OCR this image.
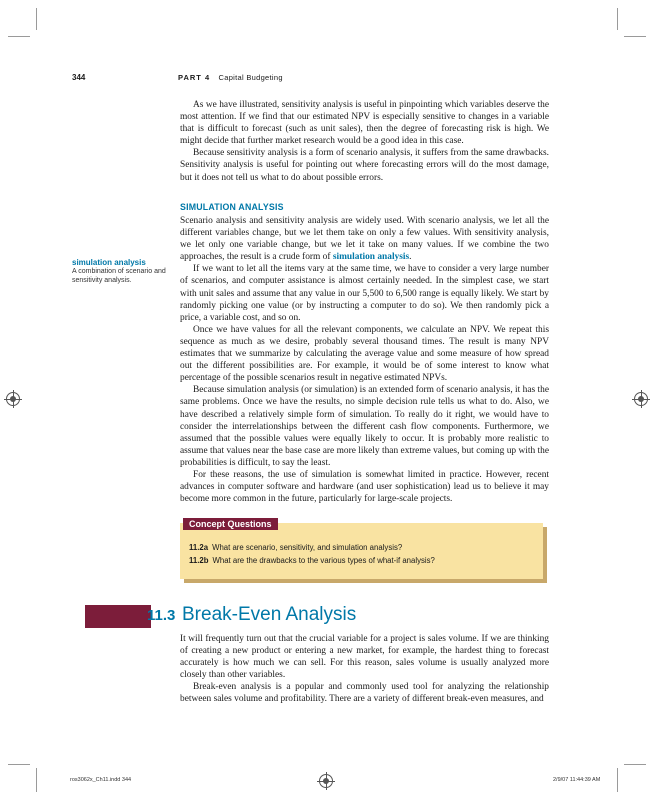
344	PART 4 Capital Budgeting

As we have illustrated, sensitivity analysis is useful in pinpointing which variables deserve the most attention. If we find that our estimated NPV is especially sensitive to changes in a variable that is difficult to forecast (such as unit sales), then the degree of forecasting risk is high. We might decide that further market research would be a good idea in this case.

Because sensitivity analysis is a form of scenario analysis, it suffers from the same drawbacks. Sensitivity analysis is useful for pointing out where forecasting errors will do the most damage, but it does not tell us what to do about possible errors.

SIMULATION ANALYSIS

Scenario analysis and sensitivity analysis are widely used. With scenario analysis, we let all the different variables change, but we let them take on only a few values. With sensitivity analysis, we let only one variable change, but we let it take on many values. If we combine the two approaches, the result is a crude form of simulation analysis.

If we want to let all the items vary at the same time, we have to consider a very large number of scenarios, and computer assistance is almost certainly needed. In the simplest case, we start with unit sales and assume that any value in our 5,500 to 6,500 range is equally likely. We start by randomly picking one value (or by instructing a computer to do so). We then randomly pick a price, a variable cost, and so on.

Once we have values for all the relevant components, we calculate an NPV. We repeat this sequence as much as we desire, probably several thousand times. The result is many NPV estimates that we summarize by calculating the average value and some measure of how spread out the different possibilities are. For example, it would be of some interest to know what percentage of the possible scenarios result in negative estimated NPVs.

Because simulation analysis (or simulation) is an extended form of scenario analysis, it has the same problems. Once we have the results, no simple decision rule tells us what to do. Also, we have described a relatively simple form of simulation. To really do it right, we would have to consider the interrelationships between the different cash flow components. Furthermore, we assumed that the possible values were equally likely to occur. It is probably more realistic to assume that values near the base case are more likely than extreme values, but coming up with the probabilities is difficult, to say the least.

For these reasons, the use of simulation is somewhat limited in practice. However, recent advances in computer software and hardware (and user sophistication) lead us to believe it may become more common in the future, particularly for large-scale projects.

simulation analysis
A combination of scenario and sensitivity analysis.
Concept Questions
11.2a What are scenario, sensitivity, and simulation analysis?
11.2b What are the drawbacks to the various types of what-if analysis?
11.3 Break-Even Analysis

It will frequently turn out that the crucial variable for a project is sales volume. If we are thinking of creating a new product or entering a new market, for example, the hardest thing to forecast accurately is how much we can sell. For this reason, sales volume is usually analyzed more closely than other variables.

Break-even analysis is a popular and commonly used tool for analyzing the relationship between sales volume and profitability. There are a variety of different break-even measures, and

ros3062x_Ch11.indd 344	2/9/07 11:44:39 AM
